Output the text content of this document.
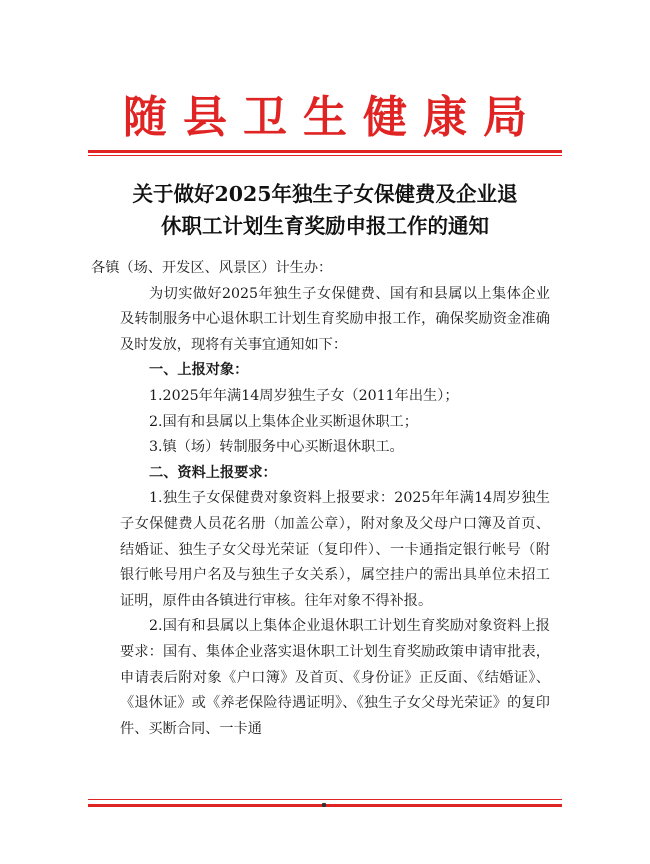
随县卫生健康局
关于做好2025年独生子女保健费及企业退
休职工计划生育奖励申报工作的通知

各镇（场、开发区、风景区）计生办：

为切实做好2025年独生子女保健费、国有和县属以上集体企业及转制服务中心退休职工计划生育奖励申报工作，确保奖励资金准确及时发放，现将有关事宜通知如下：

一、上报对象：

1.2025年年满14周岁独生子女（2011年出生）；

2.国有和县属以上集体企业买断退休职工；

3.镇（场）转制服务中心买断退休职工。

二、资料上报要求：

1.独生子女保健费对象资料上报要求：2025年年满14周岁独生子女保健费人员花名册（加盖公章），附对象及父母户口簿及首页、结婚证、独生子女父母光荣证（复印件）、一卡通指定银行帐号（附银行帐号用户名及与独生子女关系），属空挂户的需出具单位未招工证明，原件由各镇进行审核。往年对象不得补报。

2.国有和县属以上集体企业退休职工计划生育奖励对象资料上报要求：国有、集体企业落实退休职工计划生育奖励政策申请审批表，申请表后附对象《户口簿》及首页、《身份证》正反面、《结婚证》、《退休证》或《养老保险待遇证明》、《独生子女父母光荣证》的复印件、买断合同、一卡通
